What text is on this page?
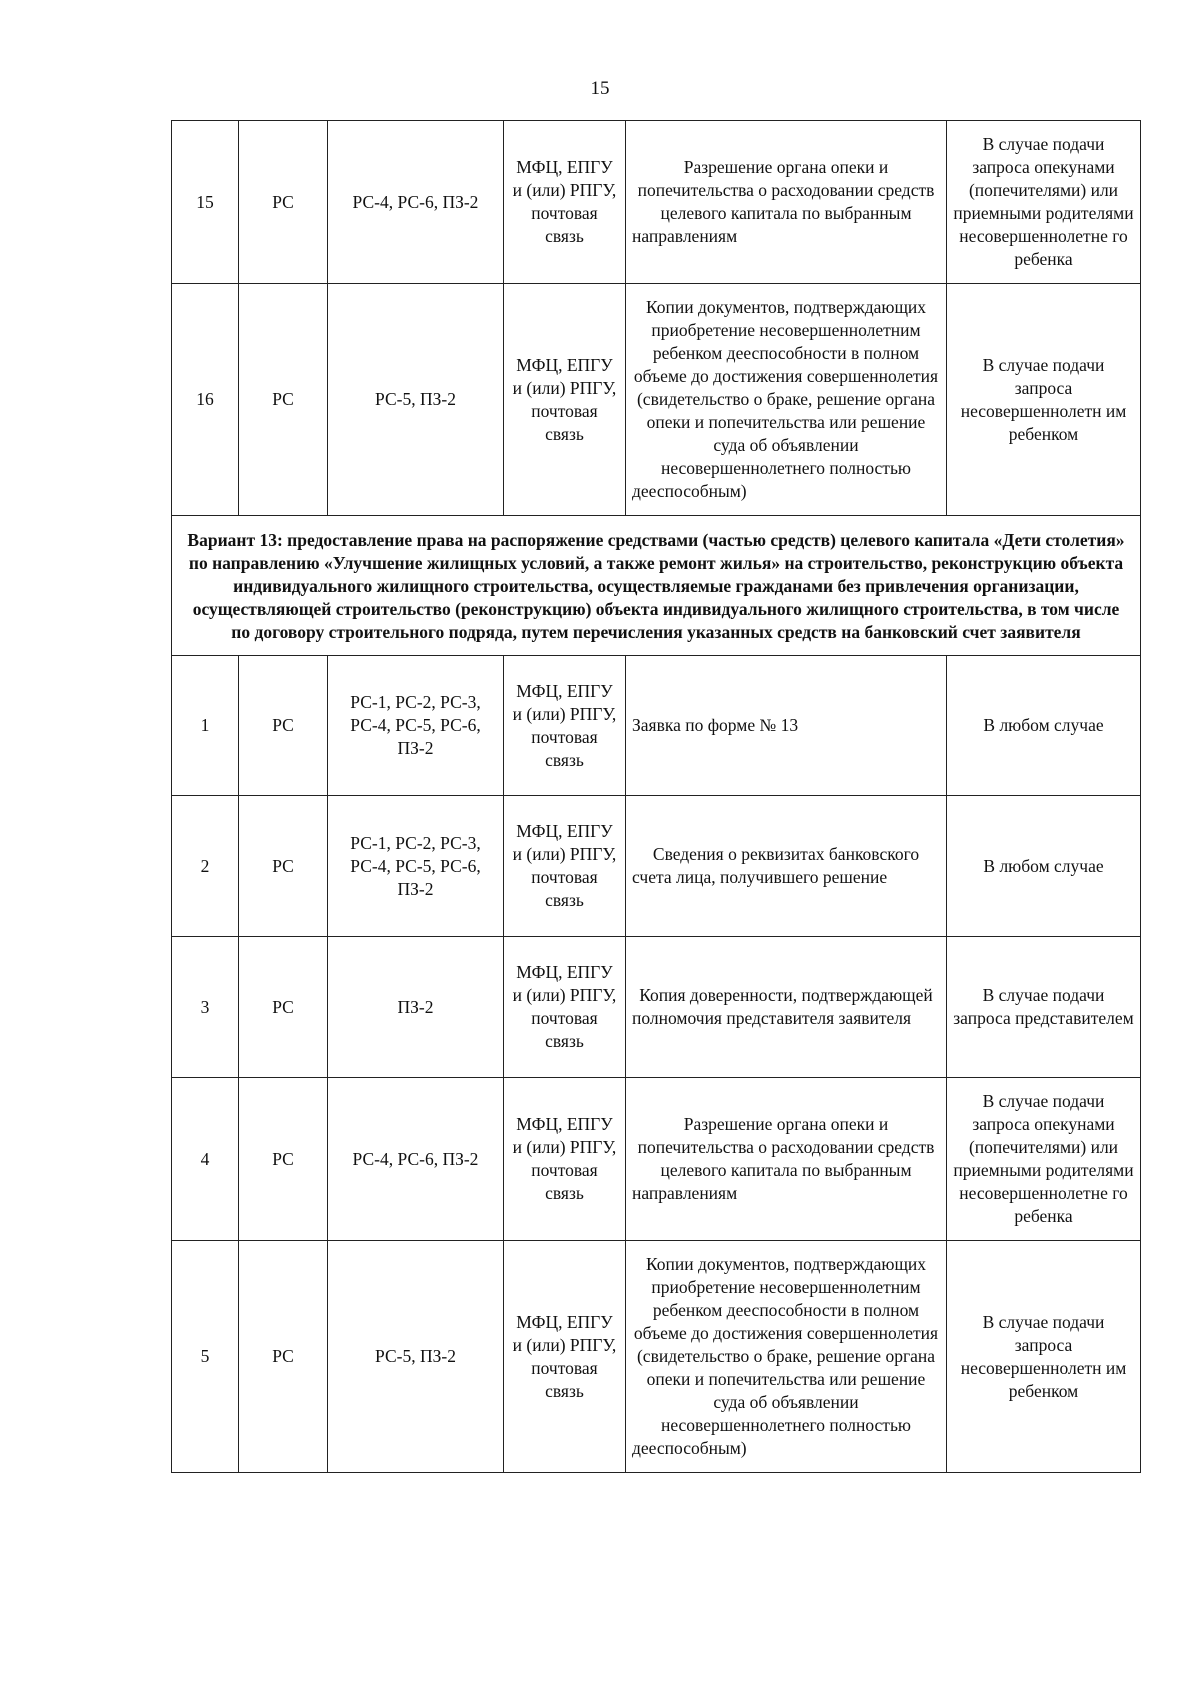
15
15	РС	РС-4, РС-6, ПЗ-2	МФЦ, ЕПГУ и (или) РПГУ, почтовая связь	Разрешение органа опеки и попечительства о расходовании средств целевого капитала по выбранным направлениям	В случае подачи запроса опекунами (попечителями) или приемными родителями несовершеннолетне го ребенка
16	РС	РС-5, ПЗ-2	МФЦ, ЕПГУ и (или) РПГУ, почтовая связь	Копии документов, подтверждающих приобретение несовершеннолетним ребенком дееспособности в полном объеме до достижения совершеннолетия (свидетельство о браке, решение органа опеки и попечительства или решение суда об объявлении несовершеннолетнего полностью дееспособным)	В случае подачи запроса несовершеннолетн им ребенком
Вариант 13: предоставление права на распоряжение средствами (частью средств) целевого капитала «Дети столетия» по направлению «Улучшение жилищных условий, а также ремонт жилья» на строительство, реконструкцию объекта индивидуального жилищного строительства, осуществляемые гражданами без привлечения организации, осуществляющей строительство (реконструкцию) объекта индивидуального жилищного строительства, в том числе по договору строительного подряда, путем перечисления указанных средств на банковский счет заявителя					
1	РС	РС-1, РС-2, РС-3, РС-4, РС-5, РС-6, ПЗ-2	МФЦ, ЕПГУ и (или) РПГУ, почтовая связь	Заявка по форме № 13	В любом случае
2	РС	РС-1, РС-2, РС-3, РС-4, РС-5, РС-6, ПЗ-2	МФЦ, ЕПГУ и (или) РПГУ, почтовая связь	Сведения о реквизитах банковского счета лица, получившего решение	В любом случае
3	РС	ПЗ-2	МФЦ, ЕПГУ и (или) РПГУ, почтовая связь	Копия доверенности, подтверждающей полномочия представителя заявителя	В случае подачи запроса представителем
4	РС	РС-4, РС-6, ПЗ-2	МФЦ, ЕПГУ и (или) РПГУ, почтовая связь	Разрешение органа опеки и попечительства о расходовании средств целевого капитала по выбранным направлениям	В случае подачи запроса опекунами (попечителями) или приемными родителями несовершеннолетне го ребенка
5	РС	РС-5, ПЗ-2	МФЦ, ЕПГУ и (или) РПГУ, почтовая связь	Копии документов, подтверждающих приобретение несовершеннолетним ребенком дееспособности в полном объеме до достижения совершеннолетия (свидетельство о браке, решение органа опеки и попечительства или решение суда об объявлении несовершеннолетнего полностью дееспособным)	В случае подачи запроса несовершеннолетн им ребенком
